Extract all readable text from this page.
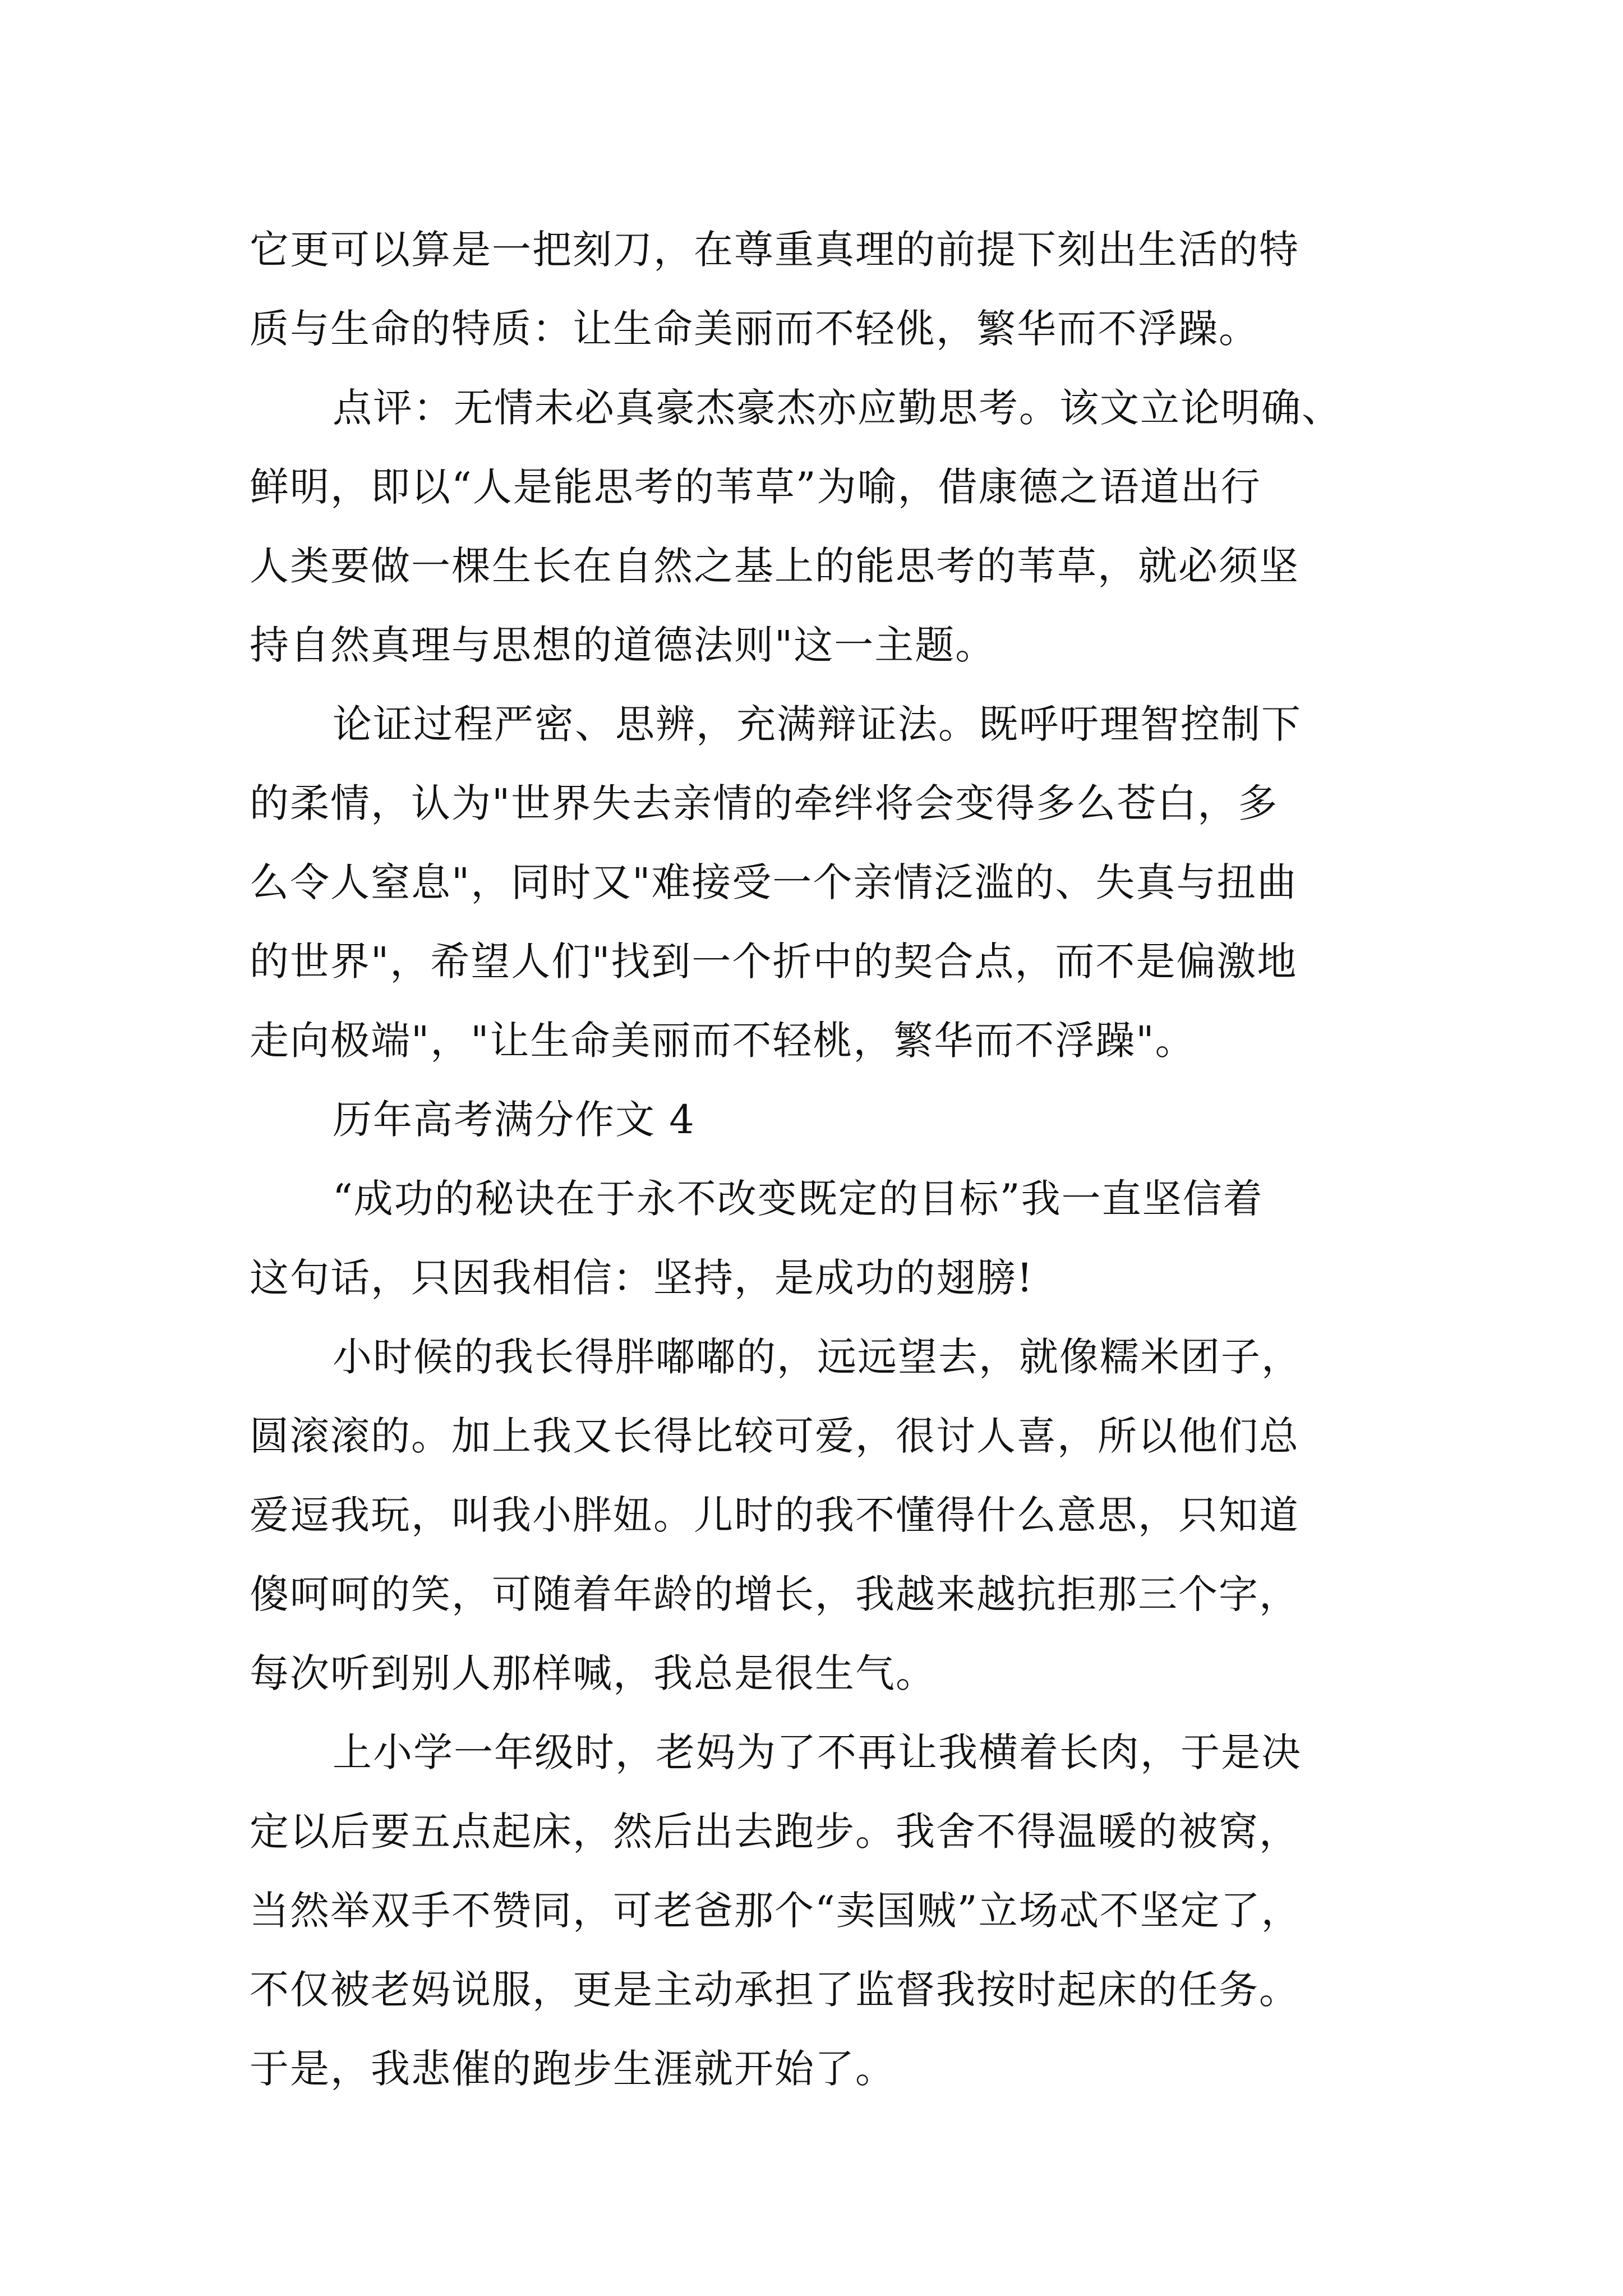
它更可以算是一把刻刀，在尊重真理的前提下刻出生活的特
质与生命的特质：让生命美丽而不轻佻，繁华而不浮躁。
点评：无情未必真豪杰豪杰亦应勤思考。该文立论明确、
鲜明，即以“人是能思考的苇草”为喻，借康德之语道出行
人类要做一棵生长在自然之基上的能思考的苇草，就必须坚
持自然真理与思想的道德法则"这一主题。
论证过程严密、思辨，充满辩证法。既呼吁理智控制下
的柔情，认为"世界失去亲情的牵绊将会变得多么苍白，多
么令人窒息"，同时又"难接受一个亲情泛滥的、失真与扭曲
的世界"，希望人们"找到一个折中的契合点，而不是偏激地
走向极端"，"让生命美丽而不轻桃，繁华而不浮躁"。
历年高考满分作文 4
“成功的秘诀在于永不改变既定的目标”我一直坚信着
这句话，只因我相信：坚持，是成功的翅膀!
小时候的我长得胖嘟嘟的，远远望去，就像糯米团子，
圆滚滚的。加上我又长得比较可爱，很讨人喜，所以他们总
爱逗我玩，叫我小胖妞。儿时的我不懂得什么意思，只知道
傻呵呵的笑，可随着年龄的增长，我越来越抗拒那三个字，
每次听到别人那样喊，我总是很生气。
上小学一年级时，老妈为了不再让我横着长肉，于是决
定以后要五点起床，然后出去跑步。我舍不得温暖的被窝，
当然举双手不赞同，可老爸那个“卖国贼”立场忒不坚定了，
不仅被老妈说服，更是主动承担了监督我按时起床的任务。
于是，我悲催的跑步生涯就开始了。
